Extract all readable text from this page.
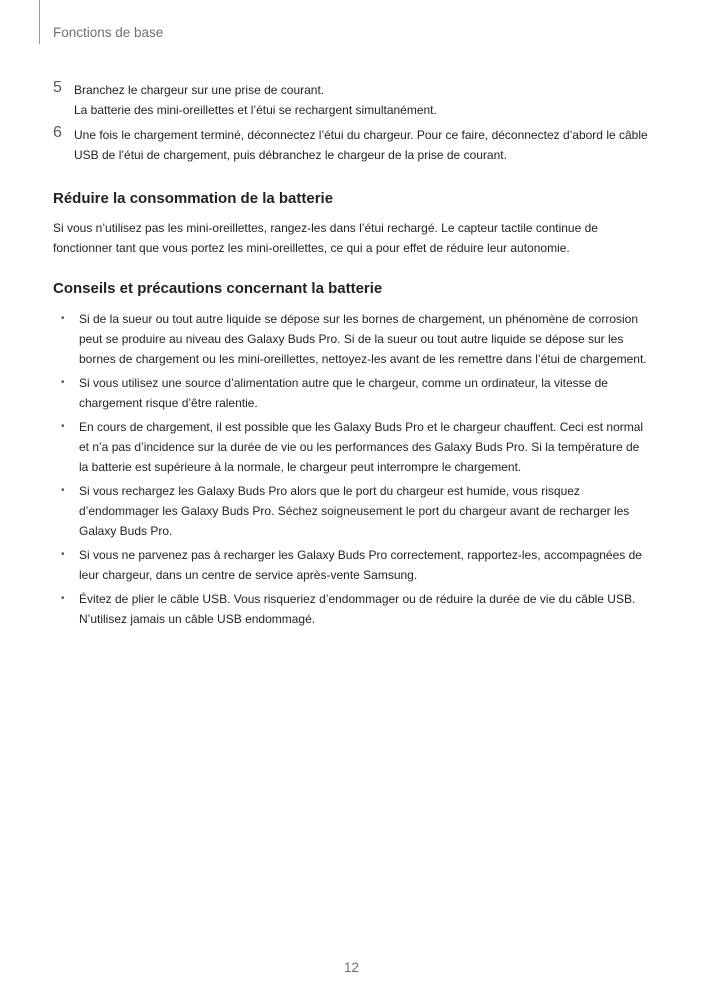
Fonctions de base
5 Branchez le chargeur sur une prise de courant.

La batterie des mini-oreillettes et l’étui se rechargent simultanément.

6 Une fois le chargement terminé, déconnectez l’étui du chargeur. Pour ce faire, déconnectez d’abord le câble USB de l’étui de chargement, puis débranchez le chargeur de la prise de courant.

Réduire la consommation de la batterie

Si vous n’utilisez pas les mini-oreillettes, rangez-les dans l’étui rechargé. Le capteur tactile continue de fonctionner tant que vous portez les mini-oreillettes, ce qui a pour effet de réduire leur autonomie.

Conseils et précautions concernant la batterie
• Si de la sueur ou tout autre liquide se dépose sur les bornes de chargement, un phénomène de corrosion peut se produire au niveau des Galaxy Buds Pro. Si de la sueur ou tout autre liquide se dépose sur les bornes de chargement ou les mini-oreillettes, nettoyez-les avant de les remettre dans l’étui de chargement.
• Si vous utilisez une source d’alimentation autre que le chargeur, comme un ordinateur, la vitesse de chargement risque d’être ralentie.
• En cours de chargement, il est possible que les Galaxy Buds Pro et le chargeur chauffent. Ceci est normal et n’a pas d’incidence sur la durée de vie ou les performances des Galaxy Buds Pro. Si la température de la batterie est supérieure à la normale, le chargeur peut interrompre le chargement.
• Si vous rechargez les Galaxy Buds Pro alors que le port du chargeur est humide, vous risquez d’endommager les Galaxy Buds Pro. Séchez soigneusement le port du chargeur avant de recharger les Galaxy Buds Pro.
• Si vous ne parvenez pas à recharger les Galaxy Buds Pro correctement, rapportez-les, accompagnées de leur chargeur, dans un centre de service après-vente Samsung.
• Évitez de plier le câble USB. Vous risqueriez d’endommager ou de réduire la durée de vie du câble USB. N’utilisez jamais un câble USB endommagé.
12
